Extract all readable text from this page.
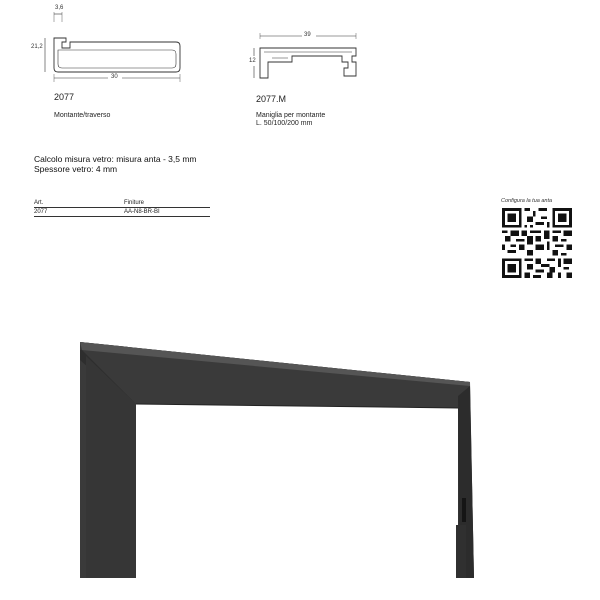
3,6
21,2
30
2077
Montante/traverso
39
12
2077.M
Maniglia per montante
L. 50/100/200 mm
Calcolo misura vetro: misura anta - 3,5 mm
Spessore vetro: 4 mm
Art.	Finiture
2077	AA-N8-BR-BI
Configura la tua anta
